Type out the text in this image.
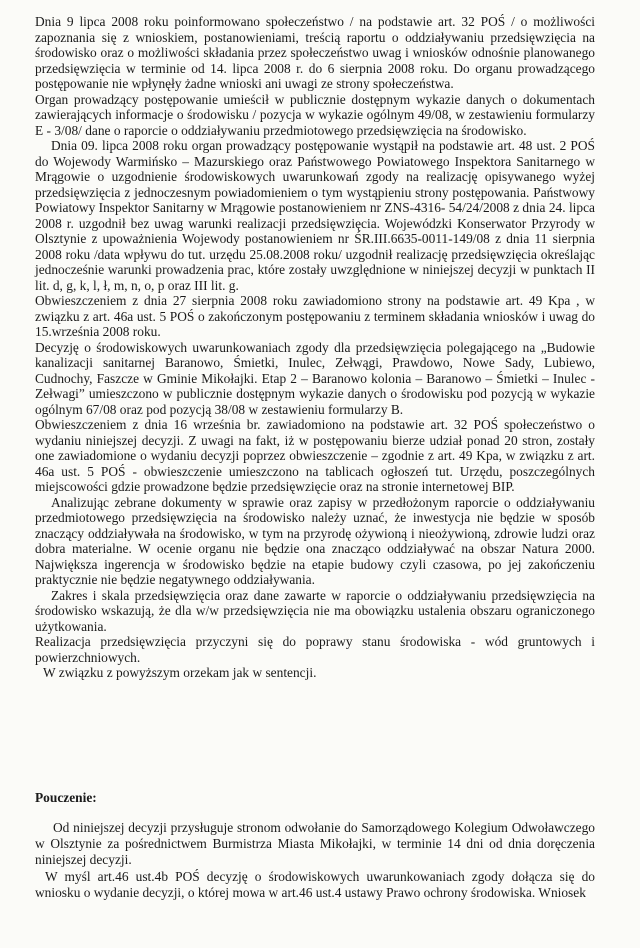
Dnia 9 lipca 2008 roku poinformowano społeczeństwo / na podstawie art. 32 POŚ / o możliwości zapoznania się z wnioskiem, postanowieniami, treścią raportu o oddziaływaniu przedsięwzięcia na środowisko oraz o możliwości składania przez społeczeństwo uwag i wniosków odnośnie planowanego przedsięwzięcia w terminie od 14. lipca 2008 r. do 6 sierpnia 2008 roku. Do organu prowadzącego postępowanie nie wpłynęły żadne wnioski ani uwagi ze strony społeczeństwa.

Organ prowadzący postępowanie umieścił w publicznie dostępnym wykazie danych o dokumentach zawierających informacje o środowisku / pozycja w wykazie ogólnym 49/08, w zestawieniu formularzy E - 3/08/ dane o raporcie o oddziaływaniu przedmiotowego przedsięwzięcia na środowisko.

Dnia 09. lipca 2008 roku organ prowadzący postępowanie wystąpił na podstawie art. 48 ust. 2 POŚ do Wojewody Warmińsko – Mazurskiego oraz Państwowego Powiatowego Inspektora Sanitarnego w Mrągowie o uzgodnienie środowiskowych uwarunkowań zgody na realizację opisywanego wyżej przedsięwzięcia z jednoczesnym powiadomieniem o tym wystąpieniu strony postępowania. Państwowy Powiatowy Inspektor Sanitarny w Mrągowie postanowieniem nr ZNS-4316- 54/24/2008 z dnia 24. lipca 2008 r. uzgodnił bez uwag warunki realizacji przedsięwzięcia. Wojewódzki Konserwator Przyrody w Olsztynie z upoważnienia Wojewody postanowieniem nr ŚR.III.6635-0011-149/08 z dnia 11 sierpnia 2008 roku /data wpływu do tut. urzędu 25.08.2008 roku/ uzgodnił realizację przedsięwzięcia określając jednocześnie warunki prowadzenia prac, które zostały uwzględnione w niniejszej decyzji w punktach II lit. d, g, k, l, ł, m, n, o, p oraz III lit. g.

Obwieszczeniem z dnia 27 sierpnia 2008 roku zawiadomiono strony na podstawie art. 49 Kpa , w związku z art. 46a ust. 5 POŚ o zakończonym postępowaniu z terminem składania wniosków i uwag do 15.września 2008 roku.

Decyzję o środowiskowych uwarunkowaniach zgody dla przedsięwzięcia polegającego na „Budowie kanalizacji sanitarnej Baranowo, Śmietki, Inulec, Zełwągi, Prawdowo, Nowe Sady, Lubiewo, Cudnochy, Faszcze w Gminie Mikołajki. Etap 2 – Baranowo kolonia – Baranowo – Śmietki – Inulec - Zełwagi” umieszczono w publicznie dostępnym wykazie danych o środowisku pod pozycją w wykazie ogólnym 67/08 oraz pod pozycją 38/08 w zestawieniu formularzy B.

Obwieszczeniem z dnia 16 września br. zawiadomiono na podstawie art. 32 POŚ społeczeństwo o wydaniu niniejszej decyzji. Z uwagi na fakt, iż w postępowaniu bierze udział ponad 20 stron, zostały one zawiadomione o wydaniu decyzji poprzez obwieszczenie – zgodnie z art. 49 Kpa, w związku z art. 46a ust. 5 POŚ - obwieszczenie umieszczono na tablicach ogłoszeń tut. Urzędu, poszczególnych miejscowości gdzie prowadzone będzie przedsięwzięcie oraz na stronie internetowej BIP.

Analizując zebrane dokumenty w sprawie oraz zapisy w przedłożonym raporcie o oddziaływaniu przedmiotowego przedsięwzięcia na środowisko należy uznać, że inwestycja nie będzie w sposób znaczący oddziaływała na środowisko, w tym na przyrodę ożywioną i nieożywioną, zdrowie ludzi oraz dobra materialne. W ocenie organu nie będzie ona znacząco oddziaływać na obszar Natura 2000. Największa ingerencja w środowisko będzie na etapie budowy czyli czasowa, po jej zakończeniu praktycznie nie będzie negatywnego oddziaływania.

Zakres i skala przedsięwzięcia oraz dane zawarte w raporcie o oddziaływaniu przedsięwzięcia na środowisko wskazują, że dla w/w przedsięwzięcia nie ma obowiązku ustalenia obszaru ograniczonego użytkowania.

Realizacja przedsięwzięcia przyczyni się do poprawy stanu środowiska - wód gruntowych i powierzchniowych.

W związku z powyższym orzekam jak w sentencji.

Pouczenie:

Od niniejszej decyzji przysługuje stronom odwołanie do Samorządowego Kolegium Odwoławczego w Olsztynie za pośrednictwem Burmistrza Miasta Mikołajki, w terminie 14 dni od dnia doręczenia niniejszej decyzji.

W myśl art.46 ust.4b POŚ decyzję o środowiskowych uwarunkowaniach zgody dołącza się do wniosku o wydanie decyzji, o której mowa w art.46 ust.4 ustawy Prawo ochrony środowiska. Wniosek
